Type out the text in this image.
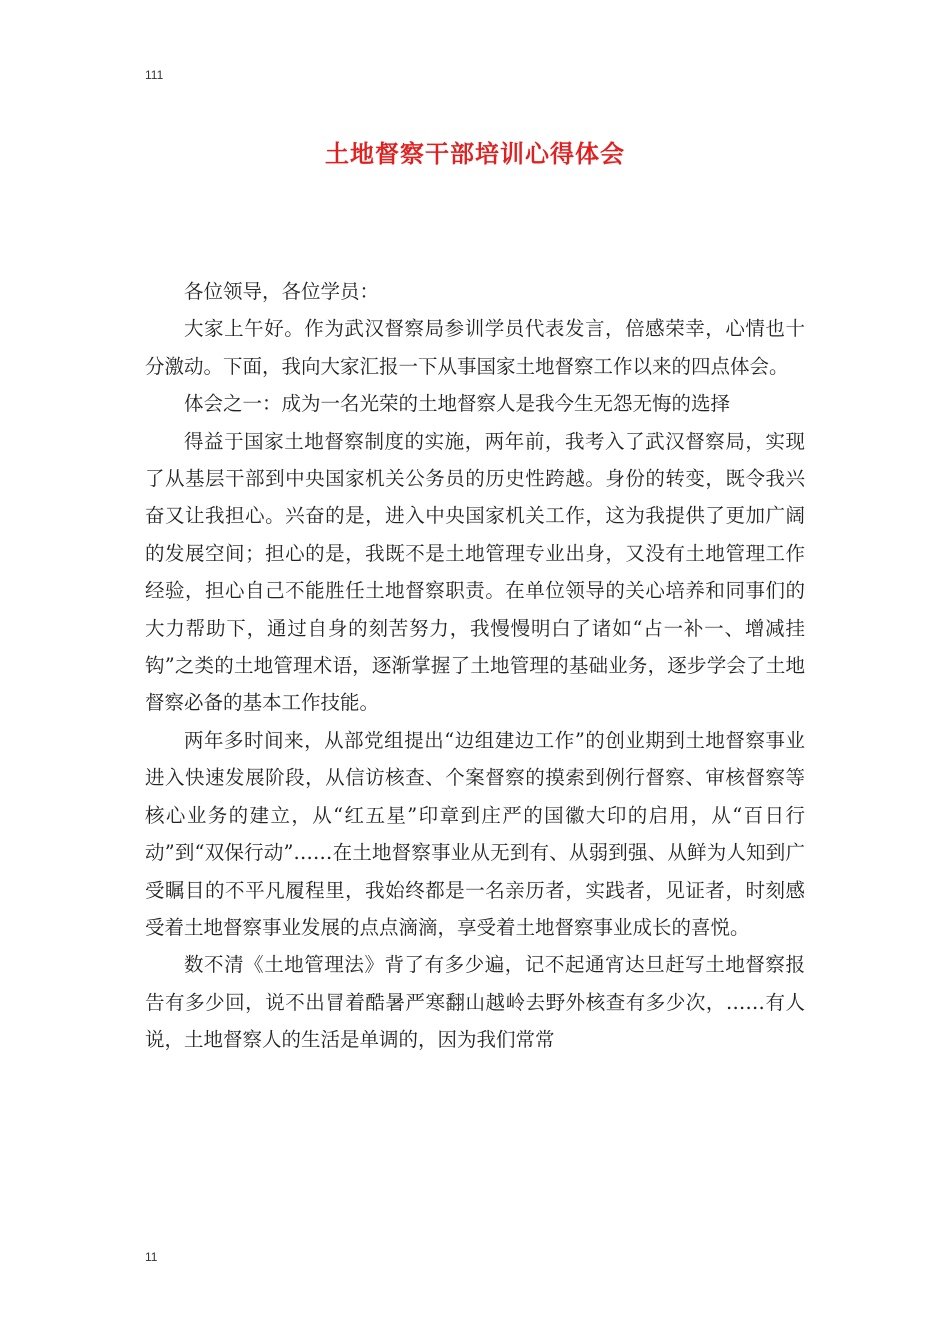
111
土地督察干部培训心得体会

各位领导，各位学员：

大家上午好。作为武汉督察局参训学员代表发言，倍感荣幸，心情也十分激动。下面，我向大家汇报一下从事国家土地督察工作以来的四点体会。

体会之一：成为一名光荣的土地督察人是我今生无怨无悔的选择

得益于国家土地督察制度的实施，两年前，我考入了武汉督察局，实现了从基层干部到中央国家机关公务员的历史性跨越。身份的转变，既令我兴奋又让我担心。兴奋的是，进入中央国家机关工作，这为我提供了更加广阔的发展空间；担心的是，我既不是土地管理专业出身，又没有土地管理工作经验，担心自己不能胜任土地督察职责。在单位领导的关心培养和同事们的大力帮助下，通过自身的刻苦努力，我慢慢明白了诸如“占一补一、增减挂钩”之类的土地管理术语，逐渐掌握了土地管理的基础业务，逐步学会了土地督察必备的基本工作技能。

两年多时间来，从部党组提出“边组建边工作”的创业期到土地督察事业进入快速发展阶段，从信访核查、个案督察的摸索到例行督察、审核督察等核心业务的建立，从“红五星”印章到庄严的国徽大印的启用，从“百日行动”到“双保行动”……在土地督察事业从无到有、从弱到强、从鲜为人知到广受瞩目的不平凡履程里，我始终都是一名亲历者，实践者，见证者，时刻感受着土地督察事业发展的点点滴滴，享受着土地督察事业成长的喜悦。

数不清《土地管理法》背了有多少遍，记不起通宵达旦赶写土地督察报告有多少回，说不出冒着酷暑严寒翻山越岭去野外核查有多少次，……有人说，土地督察人的生活是单调的，因为我们常常

11
